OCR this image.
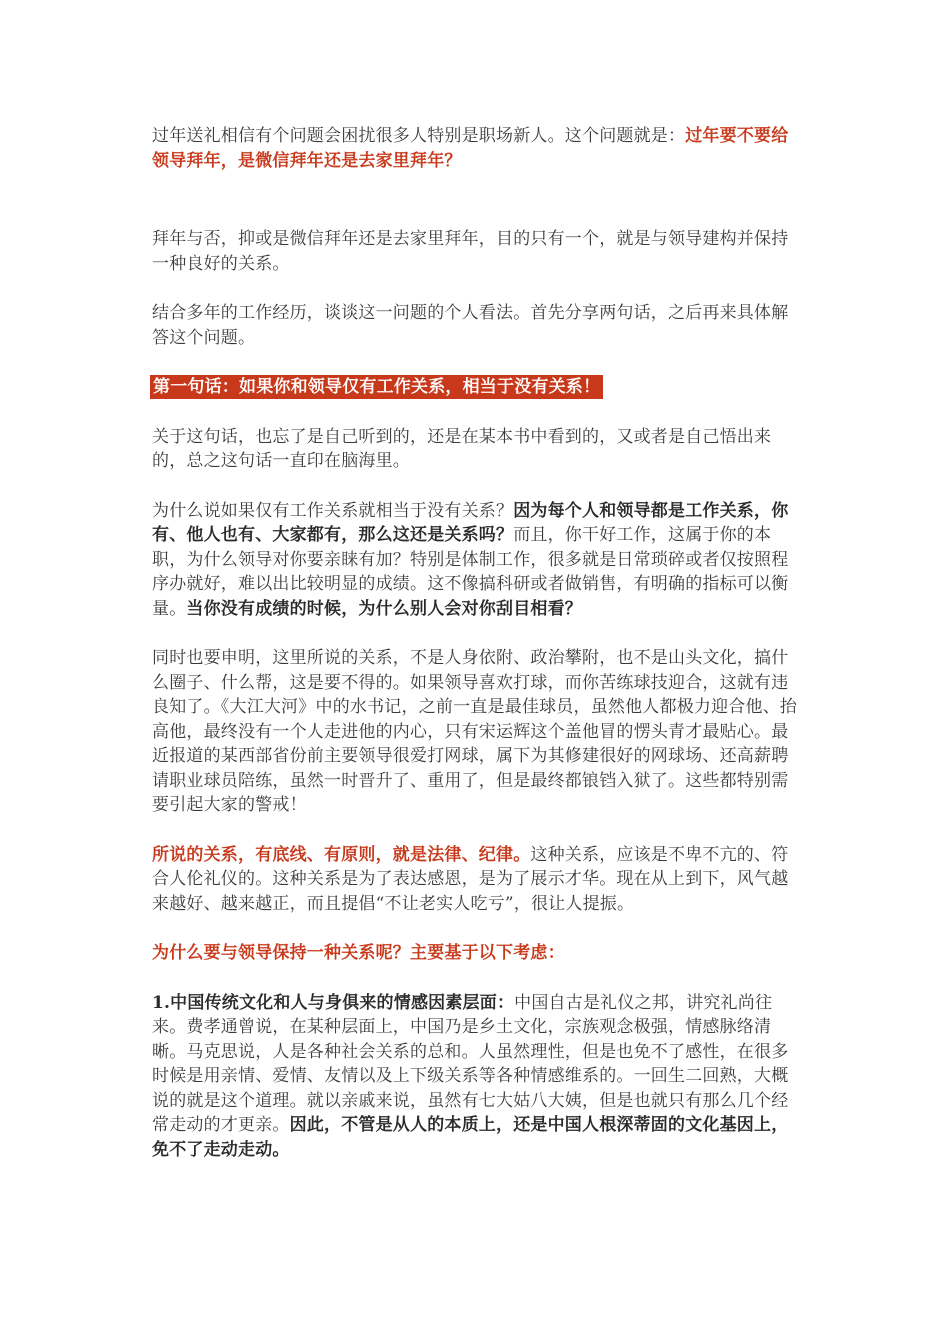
过年送礼相信有个问题会困扰很多人特别是职场新人。这个问题就是：过年要不要给领导拜年，是微信拜年还是去家里拜年？

拜年与否，抑或是微信拜年还是去家里拜年，目的只有一个，就是与领导建构并保持一种良好的关系。

结合多年的工作经历，谈谈这一问题的个人看法。首先分享两句话，之后再来具体解答这个问题。

第一句话：如果你和领导仅有工作关系，相当于没有关系！

关于这句话，也忘了是自己听到的，还是在某本书中看到的，又或者是自己悟出来的，总之这句话一直印在脑海里。

为什么说如果仅有工作关系就相当于没有关系？因为每个人和领导都是工作关系，你有、他人也有、大家都有，那么这还是关系吗？而且，你干好工作，这属于你的本职，为什么领导对你要亲睐有加？特别是体制工作，很多就是日常琐碎或者仅按照程序办就好，难以出比较明显的成绩。这不像搞科研或者做销售，有明确的指标可以衡量。当你没有成绩的时候，为什么别人会对你刮目相看？

同时也要申明，这里所说的关系，不是人身依附、政治攀附，也不是山头文化，搞什么圈子、什么帮，这是要不得的。如果领导喜欢打球，而你苦练球技迎合，这就有违良知了。《大江大河》中的水书记，之前一直是最佳球员，虽然他人都极力迎合他、抬高他，最终没有一个人走进他的内心，只有宋运辉这个盖他冒的愣头青才最贴心。最近报道的某西部省份前主要领导很爱打网球，属下为其修建很好的网球场、还高薪聘请职业球员陪练，虽然一时晋升了、重用了，但是最终都锒铛入狱了。这些都特别需要引起大家的警戒！

所说的关系，有底线、有原则，就是法律、纪律。这种关系，应该是不卑不亢的、符合人伦礼仪的。这种关系是为了表达感恩，是为了展示才华。现在从上到下，风气越来越好、越来越正，而且提倡“不让老实人吃亏”，很让人提振。

为什么要与领导保持一种关系呢？主要基于以下考虑：

1.中国传统文化和人与身俱来的情感因素层面：中国自古是礼仪之邦，讲究礼尚往来。费孝通曾说，在某种层面上，中国乃是乡土文化，宗族观念极强，情感脉络清晰。马克思说，人是各种社会关系的总和。人虽然理性，但是也免不了感性，在很多时候是用亲情、爱情、友情以及上下级关系等各种情感维系的。一回生二回熟，大概说的就是这个道理。就以亲戚来说，虽然有七大姑八大姨，但是也就只有那么几个经常走动的才更亲。因此，不管是从人的本质上，还是中国人根深蒂固的文化基因上，免不了走动走动。
